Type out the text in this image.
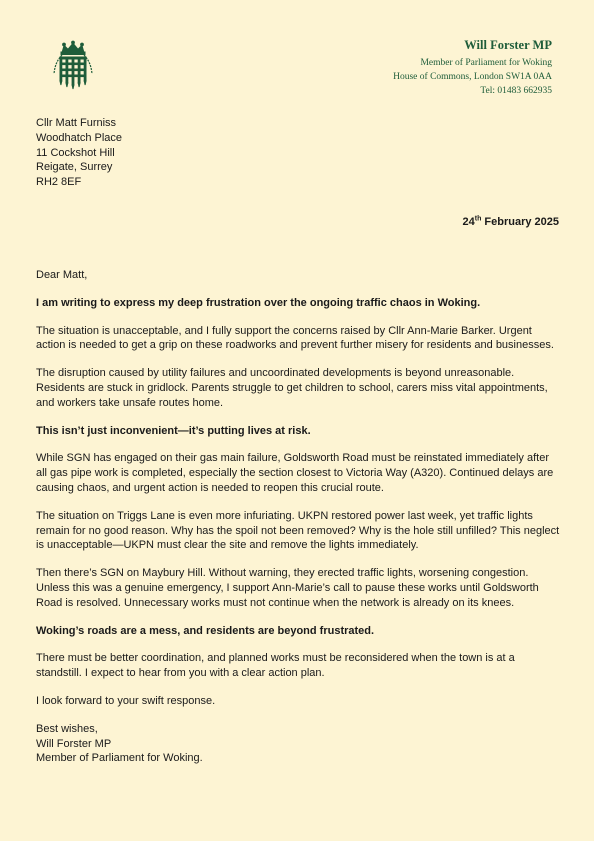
Will Forster MP
Member of Parliament for Woking
House of Commons, London SW1A 0AA
Tel: 01483 662935
Cllr Matt Furniss
Woodhatch Place
11 Cockshot Hill
Reigate, Surrey
RH2 8EF
24th February 2025

Dear Matt,

I am writing to express my deep frustration over the ongoing traffic chaos in Woking.

The situation is unacceptable, and I fully support the concerns raised by Cllr Ann-Marie Barker. Urgent action is needed to get a grip on these roadworks and prevent further misery for residents and businesses.

The disruption caused by utility failures and uncoordinated developments is beyond unreasonable. Residents are stuck in gridlock. Parents struggle to get children to school, carers miss vital appointments, and workers take unsafe routes home.

This isn’t just inconvenient—it’s putting lives at risk.

While SGN has engaged on their gas main failure, Goldsworth Road must be reinstated immediately after all gas pipe work is completed, especially the section closest to Victoria Way (A320). Continued delays are causing chaos, and urgent action is needed to reopen this crucial route.

The situation on Triggs Lane is even more infuriating. UKPN restored power last week, yet traffic lights remain for no good reason. Why has the spoil not been removed? Why is the hole still unfilled? This neglect is unacceptable—UKPN must clear the site and remove the lights immediately.

Then there’s SGN on Maybury Hill. Without warning, they erected traffic lights, worsening congestion. Unless this was a genuine emergency, I support Ann-Marie’s call to pause these works until Goldsworth Road is resolved. Unnecessary works must not continue when the network is already on its knees.

Woking’s roads are a mess, and residents are beyond frustrated.

There must be better coordination, and planned works must be reconsidered when the town is at a standstill. I expect to hear from you with a clear action plan.

I look forward to your swift response.

Best wishes,
Will Forster MP
Member of Parliament for Woking.
